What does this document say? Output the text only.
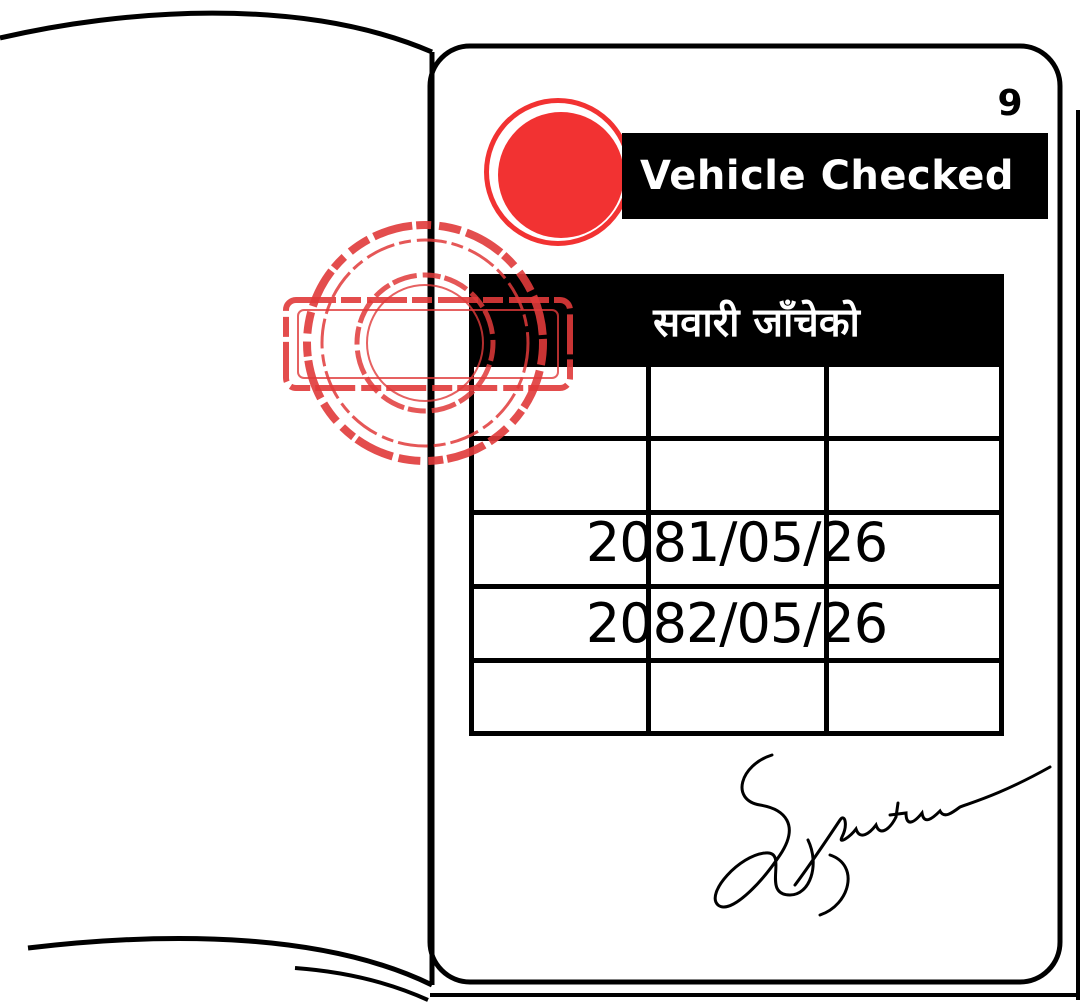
9
Vehicle Checked
सवारी जाँचेको
2081/05/26
2082/05/26
